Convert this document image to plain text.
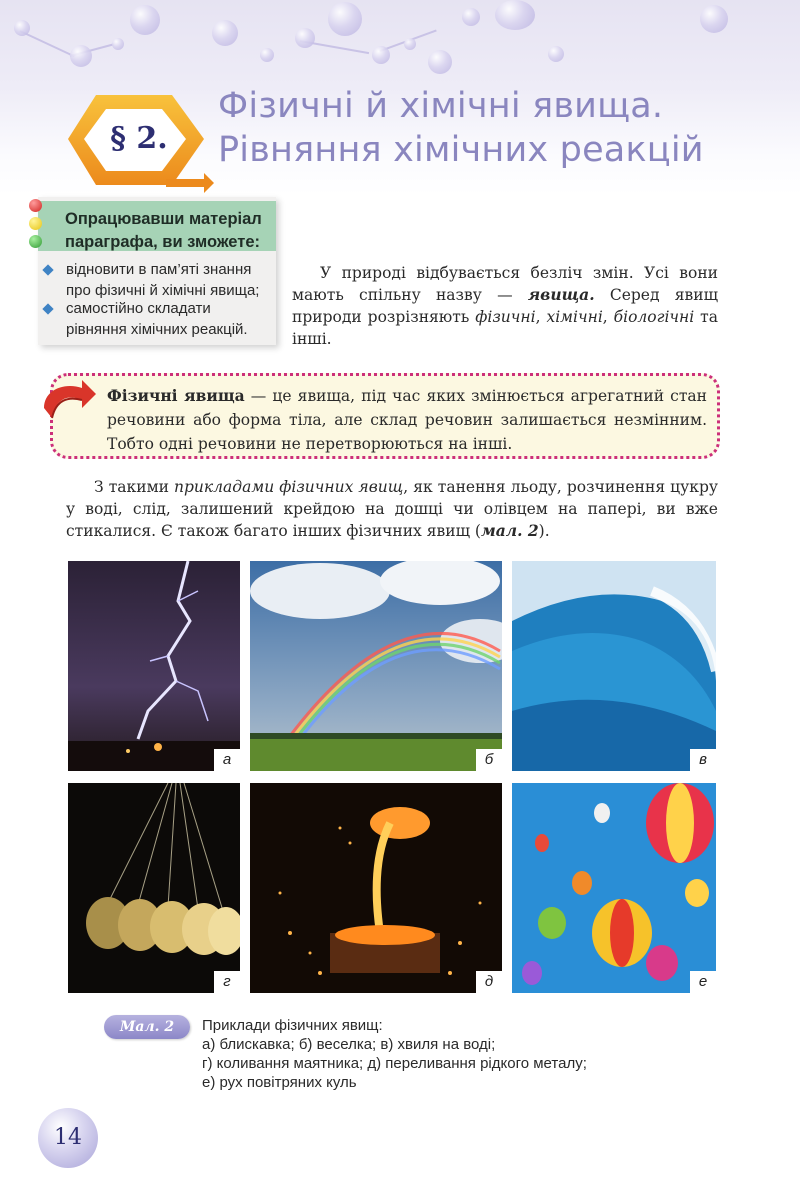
§ 2.
Фізичні й хімічні явища.
Рівняння хімічних реакцій
Опрацювавши матеріал
параграфа, ви зможете:
відновити в пам’яті знання
про фізичні й хімічні явища;
самостійно складати
рівняння хімічних реакцій.

У природі відбувається безліч змін. Усі вони мають спільну назву — явища. Серед явищ природи розрізняють фізичні, хімічні, біологічні та інші.

Фізичні явища — це явища, під час яких змінюється агрегатний стан речовини або форма тіла, але склад речовин залишається незмінним. Тобто одні речовини не перетворюються на інші.

З такими прикладами фізичних явищ, як танення льоду, розчинення цукру у воді, слід, залишений крейдою на дошці чи олівцем на папері, ви вже стикалися. Є також багато інших фізичних явищ (мал. 2).

а	б	в
г	д	е
Мал. 2	Приклади фізичних явищ:
а) блискавка; б) веселка; в) хвиля на воді;
г) коливання маятника; д) переливання рідкого металу;
е) рух повітряних куль
14
